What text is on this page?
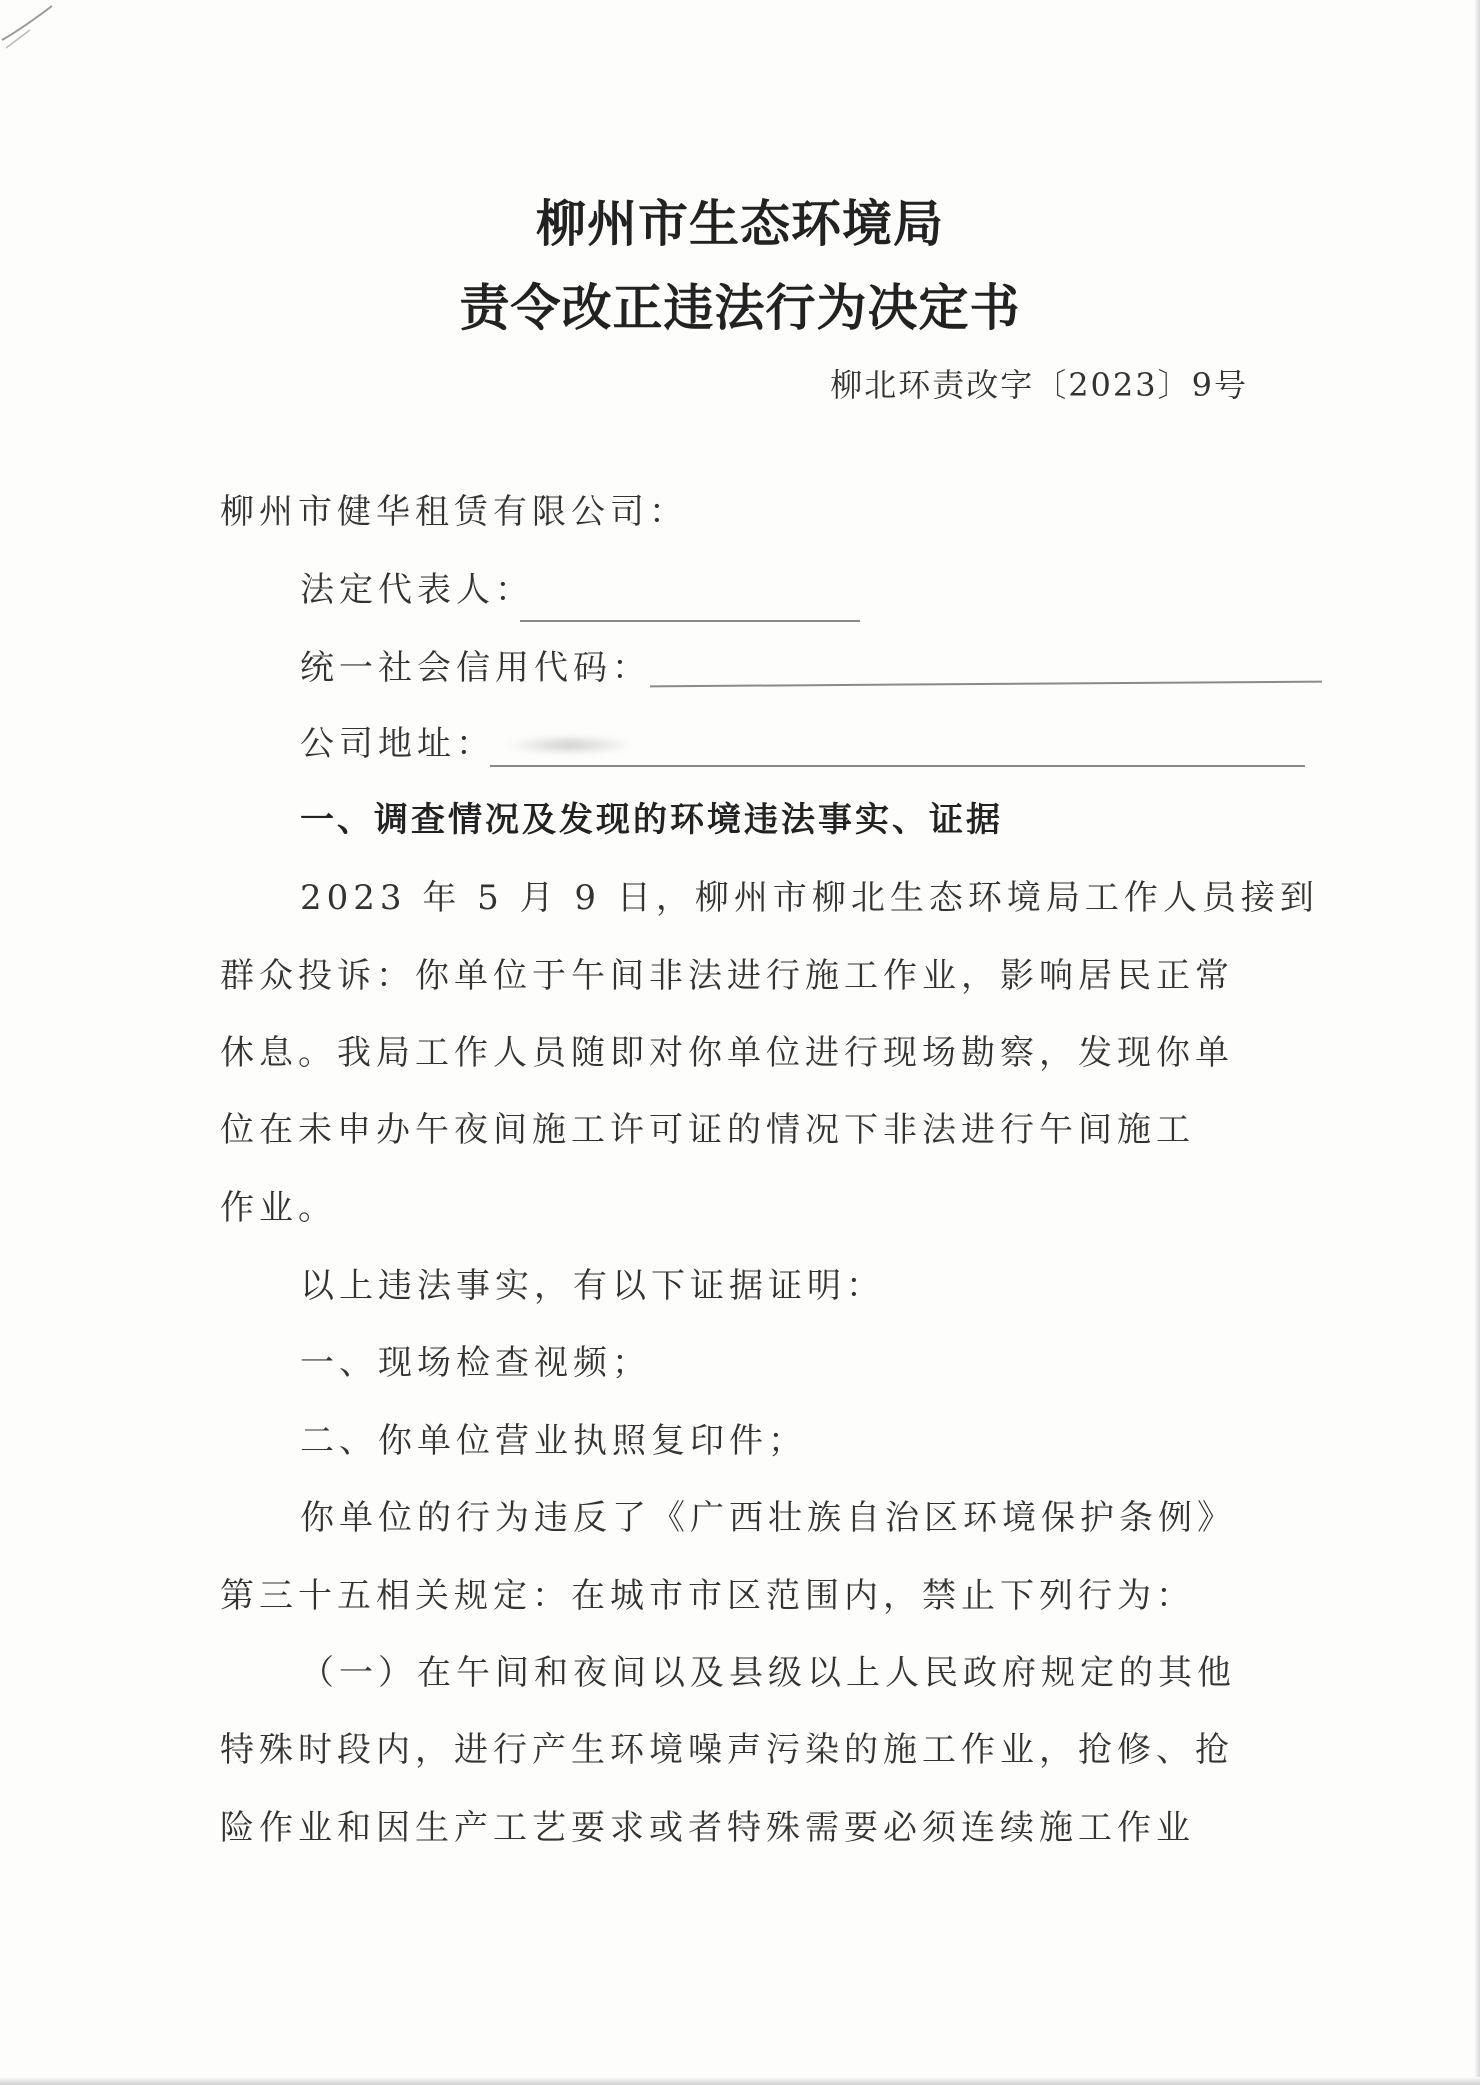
柳州市生态环境局
责令改正违法行为决定书
柳北环责改字〔2023〕9号
柳州市健华租赁有限公司：
法定代表人：
统一社会信用代码：
公司地址：
一、调查情况及发现的环境违法事实、证据
2023 年 5 月 9 日，柳州市柳北生态环境局工作人员接到
群众投诉：你单位于午间非法进行施工作业，影响居民正常
休息。我局工作人员随即对你单位进行现场勘察，发现你单
位在未申办午夜间施工许可证的情况下非法进行午间施工
作业。
以上违法事实，有以下证据证明：
一、现场检查视频；
二、你单位营业执照复印件；
你单位的行为违反了《广西壮族自治区环境保护条例》
第三十五相关规定：在城市市区范围内，禁止下列行为：
（一）在午间和夜间以及县级以上人民政府规定的其他
特殊时段内，进行产生环境噪声污染的施工作业，抢修、抢
险作业和因生产工艺要求或者特殊需要必须连续施工作业
